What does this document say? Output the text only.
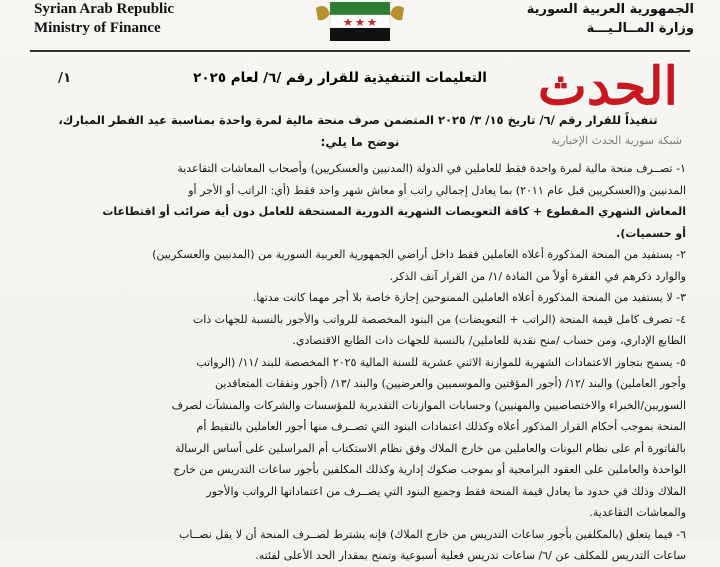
Syrian Arab Republic
Ministry of Finance
الجمهورية العربية السورية
وزارة المــالـيـــة
/١	التعليمات التنفيذية للقرار رقم /٦/ لعام ٢٠٢٥
تنفيذاً للقرار رقم /٦/ تاريخ ١٥/ ٣/ ٢٠٢٥ المتضمن صرف منحة مالية لمرة واحدة بمناسبة عيد الفطر المبارك،
نوضح ما يلي:

١- تصــرف منحة مالية لمرة واحدة فقط للعاملين في الدولة (المدنيين والعسكريين) وأصحاب المعاشات التقاعدية

المدنيين و(العسكريين قبل عام ٢٠١١) بما يعادل إجمالي راتب أو معاش شهر واحد فقط (أي: الراتب أو الأجر أو

المعاش الشهري المقطوع + كافة التعويضات الشهرية الدورية المستحقة للعامل دون أية ضرائب أو اقتطاعات

أو حسميات).

٢- يستفيد من المنحة المذكورة أعلاه العاملين فقط داخل أراضي الجمهورية العربية السورية من (المدنيين والعسكريين)

والوارد ذكرهم في الفقرة أولاً من المادة /١/ من القرار آنف الذكر.

٣- لا يستفيد من المنحة المذكورة أعلاه العاملين الممنوحين إجازة خاصة بلا أجر مهما كانت مدتها.

٤- تصرف كامل قيمة المنحة (الراتب + التعويضات) من البنود المخصصة للرواتب والأجور بالنسبة للجهات ذات

الطابع الإداري، ومن حساب /منح نقدية للعاملين/ بالنسبة للجهات ذات الطابع الاقتصادي.

٥- يسمح بتجاوز الاعتمادات الشهرية للموازنة الاثني عشرية للسنة المالية ٢٠٢٥ المخصصة للبند /١١/ (الرواتب

وأجور العاملين) والبند /١٢/ (أجور المؤقتين والموسميين والعرضيين) والبند /١٣/ (أجور ونفقات المتعاقدين

السوريين/الخبراء والاختصاصيين والمهنيين) وحسابات الموازنات التقديرية للمؤسسات والشركات والمنشآت لصرف

المنحة بموجب أحكام القرار المذكور أعلاه وكذلك اعتمادات البنود التي تصــرف منها أجور العاملين بالتقيط أم

بالفاتورة أم على نظام البونات والعاملين من خارج الملاك وفق نظام الاستكتاب أم المراسلين على أساس الرسالة

الواحدة والعاملين على العقود البرامجية أو بموجب صكوك إدارية وكذلك المكلفين بأجور ساعات التدريس من خارج

الملاك وذلك في حدود ما يعادل قيمة المنحة فقط وجميع البنود التي يصــرف من اعتماداتها الرواتب والأجور

والمعاشات التقاعدية.

٦- فيما يتعلق (بالمكلفين بأجور ساعات التدريس من خارج الملاك) فإنه يشترط لصــرف المنحة أن لا يقل نصــاب

ساعات التدريس للمكلف عن /٦/ ساعات تدريس فعلية أسبوعية وتمنح بمقدار الحد الأعلى لفئته.

الحدث
شبكة سورية الحدث الإخبارية
